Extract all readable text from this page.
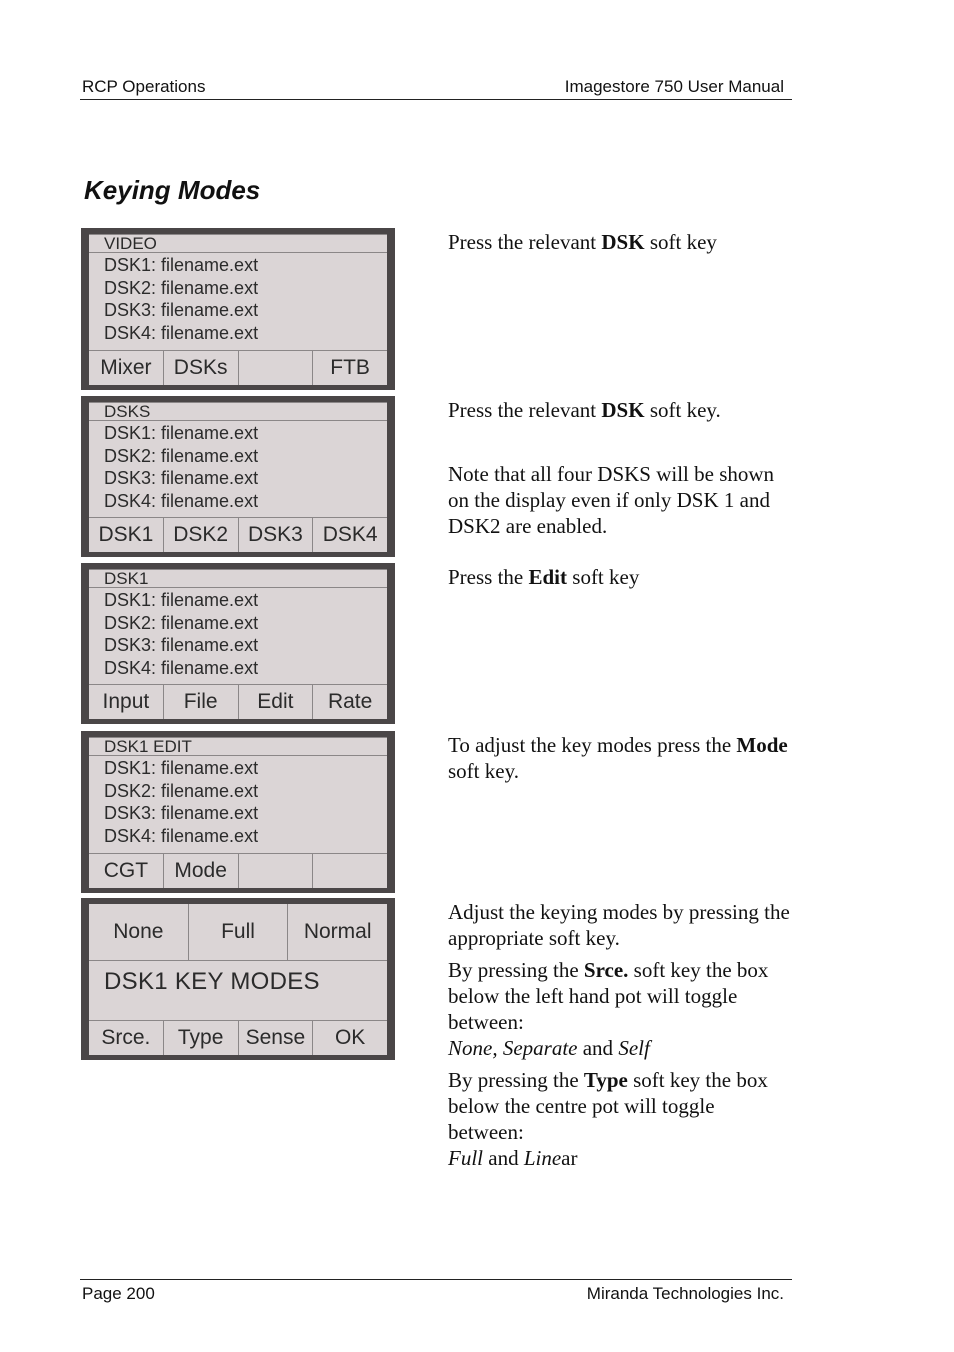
RCP Operations	Imagestore 750 User Manual
Keying Modes
VIDEO
DSK1: filename.ext
DSK2: filename.ext
DSK3: filename.ext
DSK4: filename.ext
Mixer	DSKs	FTB
DSKS
DSK1: filename.ext
DSK2: filename.ext
DSK3: filename.ext
DSK4: filename.ext
DSK1 DSK2 DSK3 DSK4
DSK1
DSK1: filename.ext
DSK2: filename.ext
DSK3: filename.ext
DSK4: filename.ext
Input	File	Edit	Rate
DSK1 EDIT
DSK1: filename.ext
DSK2: filename.ext
DSK3: filename.ext
DSK4: filename.ext
CGT	Mode
None	Full	Normal
DSK1 KEY MODES
Srce.	Type	Sense	OK

Press the relevant DSK soft key

Press the relevant DSK soft key.

Note that all four DSKS will be shown on the display even if only DSK 1 and DSK2 are enabled.

Press the Edit soft key

To adjust the key modes press the Mode soft key.

Adjust the keying modes by pressing the appropriate soft key.

By pressing the Srce. soft key the box below the left hand pot will toggle between:
None, Separate and Self

By pressing the Type soft key the box below the centre pot will toggle between:
Full and Linear

Page 200	Miranda Technologies Inc.
